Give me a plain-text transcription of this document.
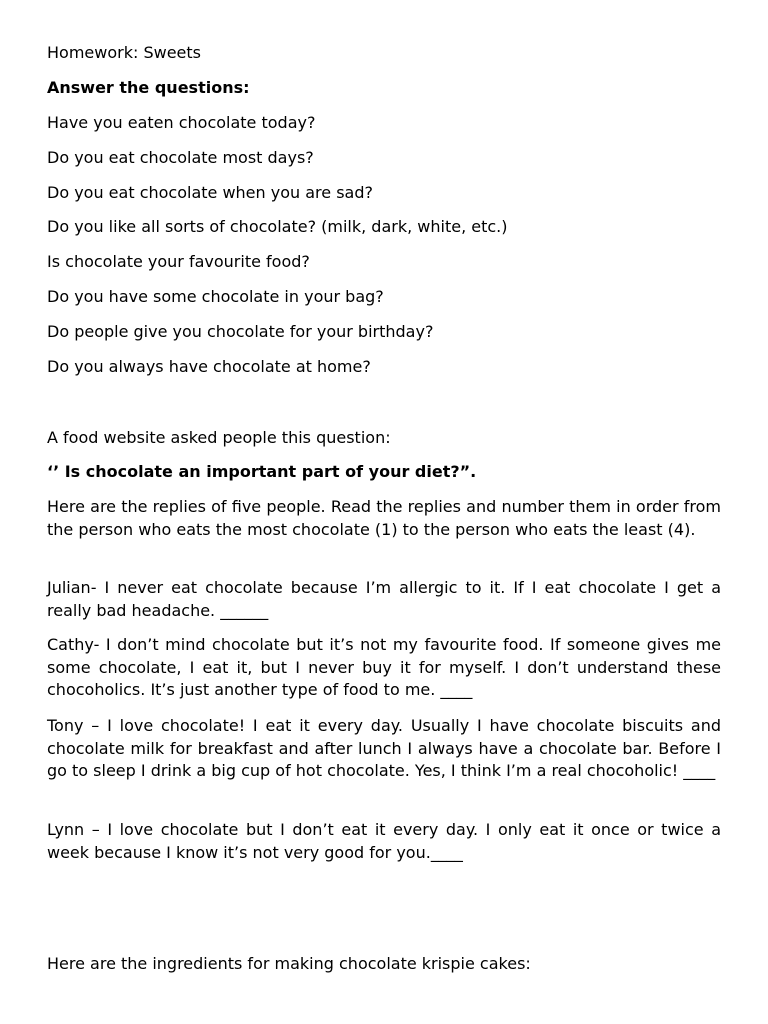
Homework: Sweets
Answer the questions:
Have you eaten chocolate today?
Do you eat chocolate most days?
Do you eat chocolate when you are sad?
Do you like all sorts of chocolate? (milk, dark, white, etc.)
Is chocolate your favourite food?
Do you have some chocolate in your bag?
Do people give you chocolate for your birthday?
Do you always have chocolate at home?
A food website asked people this question:
‘’ Is chocolate an important part of your diet?”.
Here are the replies of five people. Read the replies and number them in order from the person who eats the most chocolate (1) to the person who eats the least (4).
Julian- I never eat chocolate because I’m allergic to it. If I eat chocolate I get a really bad headache. ______
Cathy- I don’t mind chocolate but it’s not my favourite food. If someone gives me some chocolate, I eat it, but I never buy it for myself. I don’t understand these chocoholics. It’s just another type of food to me. ____
Tony – I love chocolate! I eat it every day. Usually I have chocolate biscuits and chocolate milk for breakfast and after lunch I always have a chocolate bar. Before I go to sleep I drink a big cup of hot chocolate. Yes, I think I’m a real chocoholic! ____
Lynn – I love chocolate but I don’t eat it every day. I only eat it once or twice a week because I know it’s not very good for you.____
Here are the ingredients for making chocolate krispie cakes:
